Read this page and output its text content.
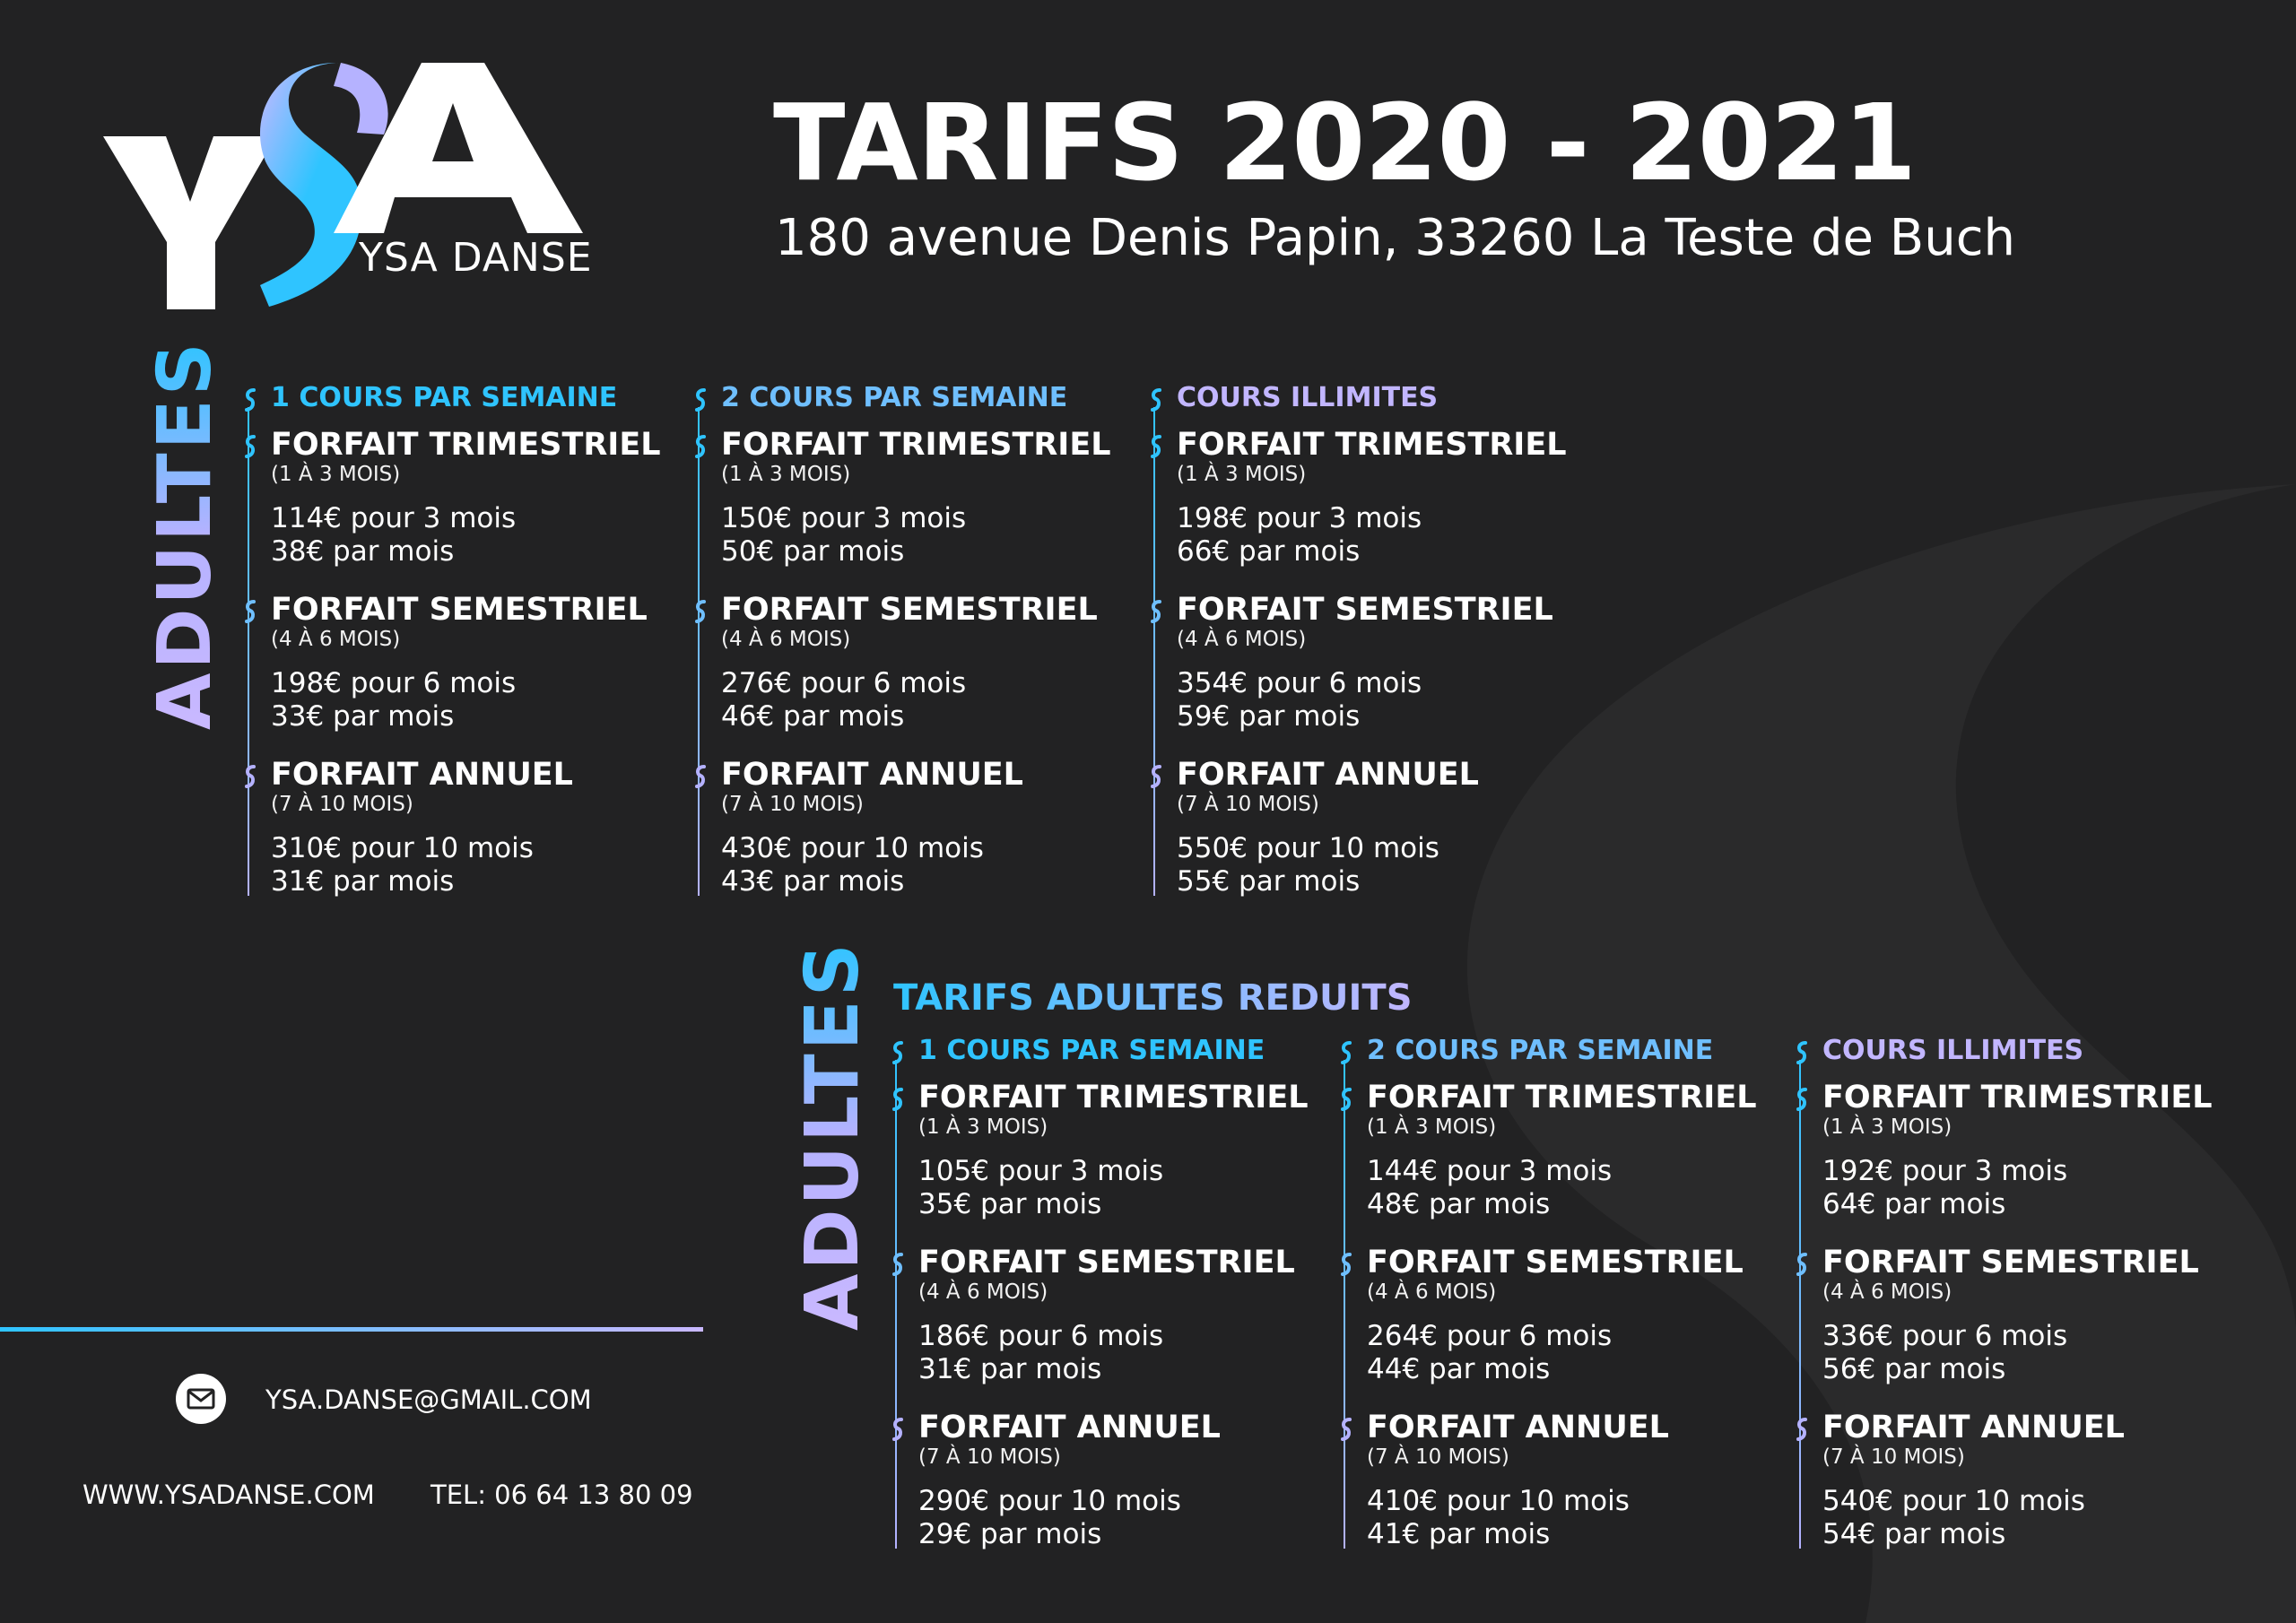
YSA DANSE
TARIFS 2020 - 2021
180 avenue Denis Papin, 33260 La Teste de Buch
ADULTES 1 COURS PAR SEMAINE
FORFAIT TRIMESTRIEL
(1 À 3 MOIS)
114€ pour 3 mois
38€ par mois
FORFAIT SEMESTRIEL
(4 À 6 MOIS)
198€ pour 6 mois
33€ par mois
FORFAIT ANNUEL
(7 À 10 MOIS)
310€ pour 10 mois
31€ par mois
2 COURS PAR SEMAINE
FORFAIT TRIMESTRIEL
(1 À 3 MOIS)
150€ pour 3 mois
50€ par mois
FORFAIT SEMESTRIEL
(4 À 6 MOIS)
276€ pour 6 mois
46€ par mois
FORFAIT ANNUEL
(7 À 10 MOIS)
430€ pour 10 mois
43€ par mois
COURS ILLIMITES
FORFAIT TRIMESTRIEL
(1 À 3 MOIS)
198€ pour 3 mois
66€ par mois
FORFAIT SEMESTRIEL
(4 À 6 MOIS)
354€ pour 6 mois
59€ par mois
FORFAIT ANNUEL
(7 À 10 MOIS)
550€ pour 10 mois
55€ par mois
ADULTES TARIFS ADULTES REDUITS
1 COURS PAR SEMAINE
FORFAIT TRIMESTRIEL
(1 À 3 MOIS)
105€ pour 3 mois
35€ par mois
FORFAIT SEMESTRIEL
(4 À 6 MOIS)
186€ pour 6 mois
31€ par mois
FORFAIT ANNUEL
(7 À 10 MOIS)
290€ pour 10 mois
29€ par mois
2 COURS PAR SEMAINE
FORFAIT TRIMESTRIEL
(1 À 3 MOIS)
144€ pour 3 mois
48€ par mois
FORFAIT SEMESTRIEL
(4 À 6 MOIS)
264€ pour 6 mois
44€ par mois
FORFAIT ANNUEL
(7 À 10 MOIS)
410€ pour 10 mois
41€ par mois
COURS ILLIMITES
FORFAIT TRIMESTRIEL
(1 À 3 MOIS)
192€ pour 3 mois
64€ par mois
FORFAIT SEMESTRIEL
(4 À 6 MOIS)
336€ pour 6 mois
56€ par mois
FORFAIT ANNUEL
(7 À 10 MOIS)
540€ pour 10 mois
54€ par mois
YSA.DANSE@GMAIL.COM
WWW.YSADANSE.COM TEL: 06 64 13 80 09
